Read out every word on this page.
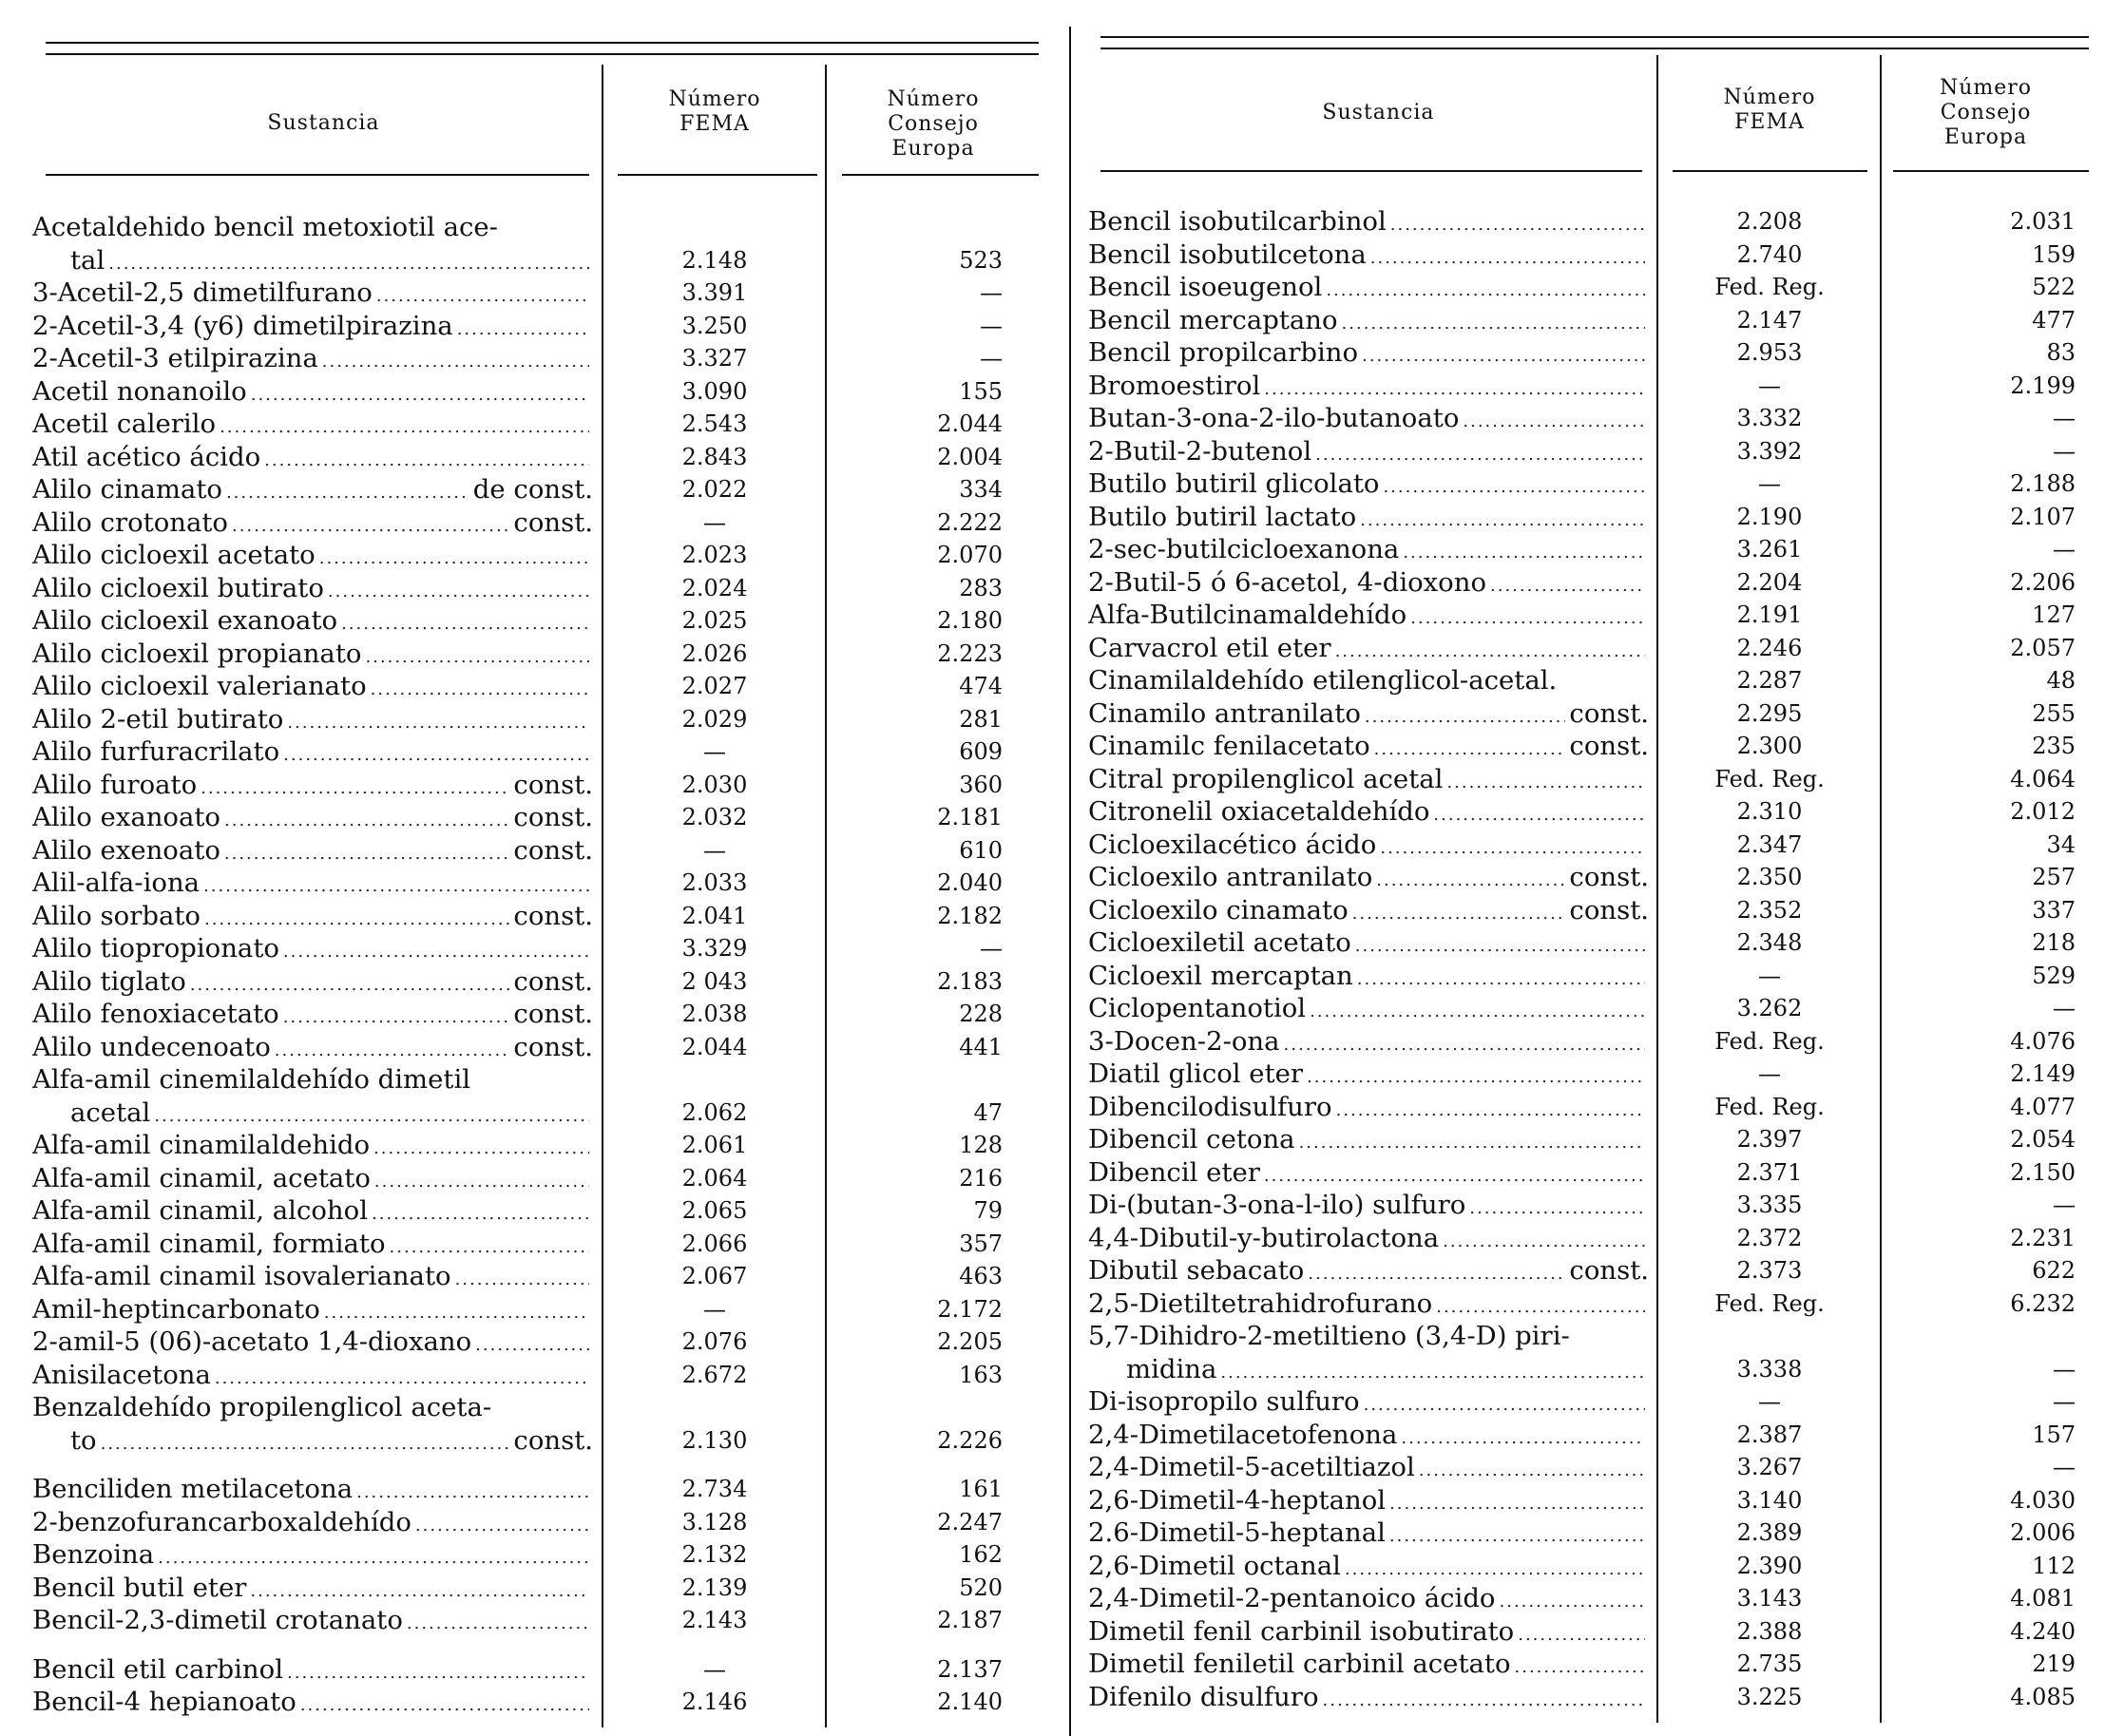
Sustancia
Número
FEMA
Número
Consejo
Europa
Sustancia
Número
FEMA
Número
Consejo
Europa
Acetaldehido bencil metoxiotil ace-
tal .....	2.148	523
3-Acetil-2,5 dimetilfurano .....	3.391	—
2-Acetil-3,4 (y6) dimetilpirazina .....	3.250	—
2-Acetil-3 etilpirazina .....	3.327	—
Acetil nonanoilo .....	3.090	155
Acetil calerilo .....	2.543	2.044
Atil acético ácido .....	2.843	2.004
Alilo cinamato .....	de const.	2.022	334
Alilo crotonato .....	const.	—	2.222
Alilo cicloexil acetato .....	2.023	2.070
Alilo cicloexil butirato .....	2.024	283
Alilo cicloexil exanoato .....	2.025	2.180
Alilo cicloexil propianato .....	2.026	2.223
Alilo cicloexil valerianato .....	2.027	474
Alilo 2-etil butirato .....	2.029	281
Alilo furfuracrilato .....	—	609
Alilo furoato .....	const.	2.030	360
Alilo exanoato .....	const.	2.032	2.181
Alilo exenoato .....	const.	—	610
Alil-alfa-iona .....	2.033	2.040
Alilo sorbato .....	const.	2.041	2.182
Alilo tiopropionato .....	3.329	—
Alilo tiglato .....	const.	2 043	2.183
Alilo fenoxiacetato .....	const.	2.038	228
Alilo undecenoato .....	const.	2.044	441
Alfa-amil cinemilaldehído dimetil
acetal .....	2.062	47
Alfa-amil cinamilaldehido .....	2.061	128
Alfa-amil cinamil, acetato .....	2.064	216
Alfa-amil cinamil, alcohol .....	2.065	79
Alfa-amil cinamil, formiato .....	2.066	357
Alfa-amil cinamil isovalerianato .....	2.067	463
Amil-heptincarbonato .....	—	2.172
2-amil-5 (06)-acetato 1,4-dioxano .....	2.076	2.205
Anisilacetona .....	2.672	163
Benzaldehído propilenglicol aceta-
to .....	const.	2.130	2.226
Benciliden metilacetona .....	2.734	161
2-benzofurancarboxaldehído .....	3.128	2.247
Benzoina .....	2.132	162
Bencil butil eter .....	2.139	520
Bencil-2,3-dimetil crotanato .....	2.143	2.187
Bencil etil carbinol .....	—	2.137
Bencil-4 hepianoato .....	2.146	2.140
Bencil isobutilcarbinol .....	2.208	2.031
Bencil isobutilcetona .....	2.740	159
Bencil isoeugenol .....	Fed. Reg.	522
Bencil mercaptano .....	2.147	477
Bencil propilcarbino .....	2.953	83
Bromoestirol .....	—	2.199
Butan-3-ona-2-ilo-butanoato .....	3.332	—
2-Butil-2-butenol .....	3.392	—
Butilo butiril glicolato .....	—	2.188
Butilo butiril lactato .....	2.190	2.107
2-sec-butilcicloexanona .....	3.261	—
2-Butil-5 ó 6-acetol, 4-dioxono .....	2.204	2.206
Alfa-Butilcinamaldehído .....	2.191	127
Carvacrol etil eter .....	2.246	2.057
Cinamilaldehído etilenglicol-acetal.	2.287	48
Cinamilo antranilato .....	const.	2.295	255
Cinamilc fenilacetato .....	const.	2.300	235
Citral propilenglicol acetal .....	Fed. Reg.	4.064
Citronelil oxiacetaldehído .....	2.310	2.012
Cicloexilacético ácido .....	2.347	34
Cicloexilo antranilato .....	const.	2.350	257
Cicloexilo cinamato .....	const.	2.352	337
Cicloexiletil acetato .....	2.348	218
Cicloexil mercaptan .....	—	529
Ciclopentanotiol .....	3.262	—
3-Docen-2-ona .....	Fed. Reg.	4.076
Diatil glicol eter .....	—	2.149
Dibencilodisulfuro .....	Fed. Reg.	4.077
Dibencil cetona .....	2.397	2.054
Dibencil eter .....	2.371	2.150
Di-(butan-3-ona-l-ilo) sulfuro .....	3.335	—
4,4-Dibutil-y-butirolactona .....	2.372	2.231
Dibutil sebacato .....	const.	2.373	622
2,5-Dietiltetrahidrofurano .....	Fed. Reg.	6.232
5,7-Dihidro-2-metiltieno (3,4-D) piri-
midina .....	3.338	—
Di-isopropilo sulfuro .....	—	—
2,4-Dimetilacetofenona .....	2.387	157
2,4-Dimetil-5-acetiltiazol .....	3.267	—
2,6-Dimetil-4-heptanol .....	3.140	4.030
2.6-Dimetil-5-heptanal .....	2.389	2.006
2,6-Dimetil octanal .....	2.390	112
2,4-Dimetil-2-pentanoico ácido .....	3.143	4.081
Dimetil fenil carbinil isobutirato .....	2.388	4.240
Dimetil feniletil carbinil acetato .....	2.735	219
Difenilo disulfuro .....	3.225	4.085
